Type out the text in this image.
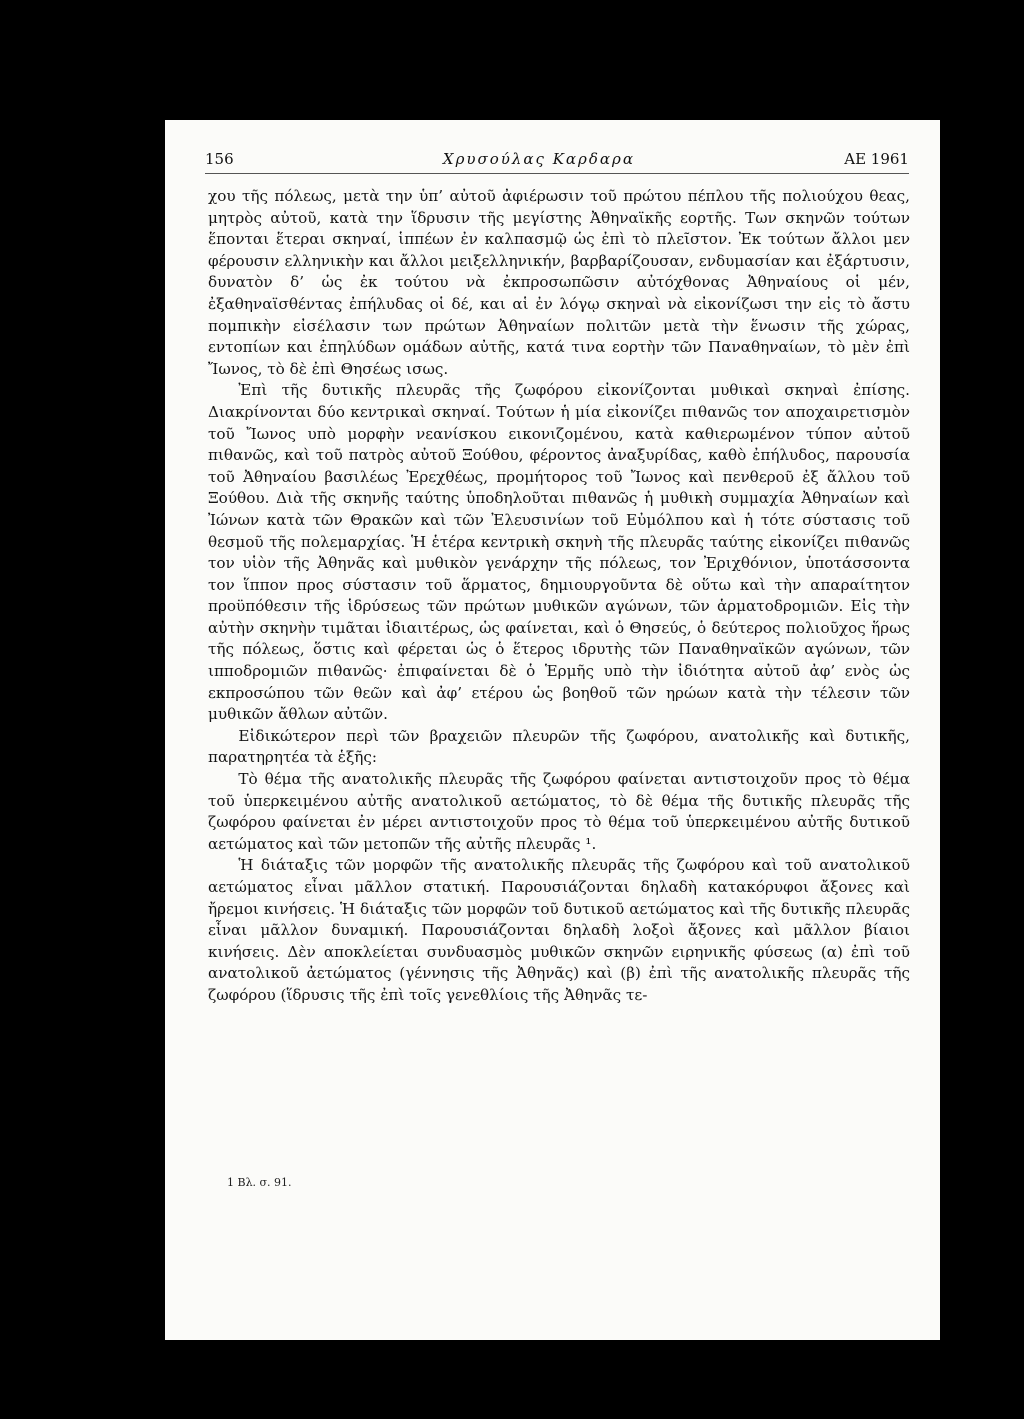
156	Χρυσούλας Καρδαρα	ΑΕ 1961

χου τῆς πόλεως, μετὰ την ὑπ’ αὐτοῦ ἀφιέρωσιν τοῦ πρώτου πέπλου τῆς πολιούχου θεας, μητρὸς αὐτοῦ, κατὰ την ἵδρυσιν τῆς μεγίστης Ἀθηναϊκῆς εορτῆς. Των σκηνῶν τούτων ἕπονται ἕτεραι σκηναί, ἱππέων ἐν καλπασμῷ ὡς ἐπὶ τὸ πλεῖστον. Ἐκ τούτων ἄλλοι μεν φέρουσιν ελληνικὴν και ἄλλοι μειξελληνικήν, βαρβαρίζουσαν, ενδυμασίαν και ἐξάρτυσιν, δυνατὸν δ’ ὡς ἐκ τούτου νὰ ἐκπροσωπῶσιν αὐτόχθονας Ἀθηναίους οἱ μέν, ἐξαθηναϊσθέντας ἐπήλυδας οἱ δέ, και αἱ ἐν λόγῳ σκηναὶ νὰ εἰκονίζωσι την εἰς τὸ ἄστυ πομπικὴν εἰσέλασιν των πρώτων Ἀθηναίων πολιτῶν μετὰ τὴν ἕνωσιν τῆς χώρας, εντοπίων και ἐπηλύδων ομάδων αὐτῆς, κατά τινα εορτὴν τῶν Παναθηναίων, τὸ μὲν ἐπὶ Ἴωνος, τὸ δὲ ἐπὶ Θησέως ισως.

Ἐπὶ τῆς δυτικῆς πλευρᾶς τῆς ζωφόρου εἰκονίζονται μυθικαὶ σκηναὶ ἐπίσης. Διακρίνονται δύο κεντρικαὶ σκηναί. Τούτων ἡ μία εἰκονίζει πιθανῶς τον αποχαιρετισμὸν τοῦ Ἴωνος υπὸ μορφὴν νεανίσκου εικονιζομένου, κατὰ καθιερωμένον τύπον αὐτοῦ πιθανῶς, καὶ τοῦ πατρὸς αὐτοῦ Ξούθου, φέροντος ἀναξυρίδας, καθὸ ἐπήλυδος, παρουσία τοῦ Ἀθηναίου βασιλέως Ἐρεχθέως, προμήτορος τοῦ Ἴωνος καὶ πενθεροῦ ἐξ ἄλλου τοῦ Ξούθου. Διὰ τῆς σκηνῆς ταύτης ὑποδηλοῦται πιθανῶς ἡ μυθικὴ συμμαχία Ἀθηναίων καὶ Ἰώνων κατὰ τῶν Θρακῶν καὶ τῶν Ἐλευσινίων τοῦ Εὐμόλπου καὶ ἡ τότε σύστασις τοῦ θεσμοῦ τῆς πολεμαρχίας. Ἡ ἑτέρα κεντρικὴ σκηνὴ τῆς πλευρᾶς ταύτης εἰκονίζει πιθανῶς τον υἱὸν τῆς Ἀθηνᾶς καὶ μυθικὸν γενάρχην τῆς πόλεως, τον Ἐριχθόνιον, ὑποτάσσοντα τον ἵππον προς σύστασιν τοῦ ἅρματος, δημιουργοῦντα δὲ οὕτω καὶ τὴν απαραίτητον προϋπόθεσιν τῆς ἱδρύσεως τῶν πρώτων μυθικῶν αγώνων, τῶν ἁρματοδρομιῶν. Εἰς τὴν αὐτὴν σκηνὴν τιμᾶται ἰδιαιτέρως, ὡς φαίνεται, καὶ ὁ Θησεύς, ὁ δεύτερος πολιοῦχος ἥρως τῆς πόλεως, ὅστις καὶ φέρεται ὡς ὁ ἕτερος ιδρυτὴς τῶν Παναθηναϊκῶν αγώνων, τῶν ιπποδρομιῶν πιθανῶς· ἐπιφαίνεται δὲ ὁ Ἑρμῆς υπὸ τὴν ἰδιότητα αὐτοῦ ἀφ’ ενὸς ὡς εκπροσώπου τῶν θεῶν καὶ ἀφ’ ετέρου ὡς βοηθοῦ τῶν ηρώων κατὰ τὴν τέλεσιν τῶν μυθικῶν ἄθλων αὐτῶν.

Εἰδικώτερον περὶ τῶν βραχειῶν πλευρῶν τῆς ζωφόρου, ανατολικῆς καὶ δυτικῆς, παρατηρητέα τὰ ἑξῆς:

Τὸ θέμα τῆς ανατολικῆς πλευρᾶς τῆς ζωφόρου φαίνεται αντιστοιχοῦν προς τὸ θέμα τοῦ ὑπερκειμένου αὐτῆς ανατολικοῦ αετώματος, τὸ δὲ θέμα τῆς δυτικῆς πλευρᾶς τῆς ζωφόρου φαίνεται ἐν μέρει αντιστοιχοῦν προς τὸ θέμα τοῦ ὑπερκειμένου αὐτῆς δυτικοῦ αετώματος καὶ τῶν μετοπῶν τῆς αὐτῆς πλευρᾶς ¹.

Ἡ διάταξις τῶν μορφῶν τῆς ανατολικῆς πλευρᾶς τῆς ζωφόρου καὶ τοῦ ανατολικοῦ αετώματος εἶναι μᾶλλον στατική. Παρουσιάζονται δηλαδὴ κατακόρυφοι ἄξονες καὶ ἤρεμοι κινήσεις. Ἡ διάταξις τῶν μορφῶν τοῦ δυτικοῦ αετώματος καὶ τῆς δυτικῆς πλευρᾶς εἶναι μᾶλλον δυναμική. Παρουσιάζονται δηλαδὴ λοξοὶ ἄξονες καὶ μᾶλλον βίαιοι κινήσεις. Δὲν αποκλείεται συνδυασμὸς μυθικῶν σκηνῶν ειρηνικῆς φύσεως (α) ἐπὶ τοῦ ανατολικοῦ ἀετώματος (γέννησις τῆς Ἀθηνᾶς) καὶ (β) ἐπὶ τῆς ανατολικῆς πλευρᾶς τῆς ζωφόρου (ἵδρυσις τῆς ἐπὶ τοῖς γενεθλίοις τῆς Ἀθηνᾶς τε-

1 Βλ. σ. 91.
